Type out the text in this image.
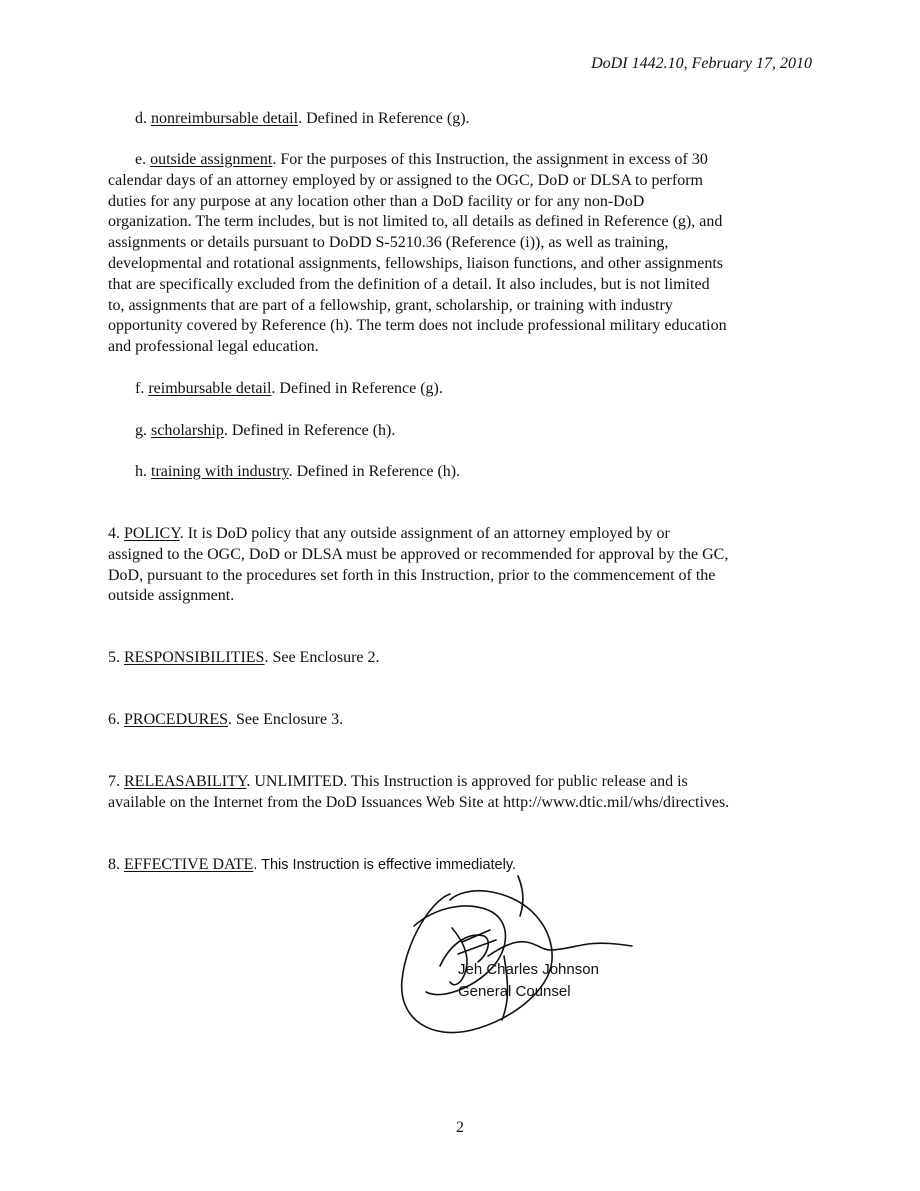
DoDI 1442.10, February 17, 2010
d. nonreimbursable detail. Defined in Reference (g).
e. outside assignment. For the purposes of this Instruction, the assignment in excess of 30
calendar days of an attorney employed by or assigned to the OGC, DoD or DLSA to perform
duties for any purpose at any location other than a DoD facility or for any non-DoD
organization. The term includes, but is not limited to, all details as defined in Reference (g), and
assignments or details pursuant to DoDD S-5210.36 (Reference (i)), as well as training,
developmental and rotational assignments, fellowships, liaison functions, and other assignments
that are specifically excluded from the definition of a detail. It also includes, but is not limited
to, assignments that are part of a fellowship, grant, scholarship, or training with industry
opportunity covered by Reference (h). The term does not include professional military education
and professional legal education.
f. reimbursable detail. Defined in Reference (g).
g. scholarship. Defined in Reference (h).
h. training with industry. Defined in Reference (h).
4. POLICY. It is DoD policy that any outside assignment of an attorney employed by or
assigned to the OGC, DoD or DLSA must be approved or recommended for approval by the GC,
DoD, pursuant to the procedures set forth in this Instruction, prior to the commencement of the
outside assignment.
5. RESPONSIBILITIES. See Enclosure 2.
6. PROCEDURES. See Enclosure 3.
7. RELEASABILITY. UNLIMITED. This Instruction is approved for public release and is
available on the Internet from the DoD Issuances Web Site at http://www.dtic.mil/whs/directives.
8. EFFECTIVE DATE. This Instruction is effective immediately.
Jeh Charles Johnson
General Counsel
2
